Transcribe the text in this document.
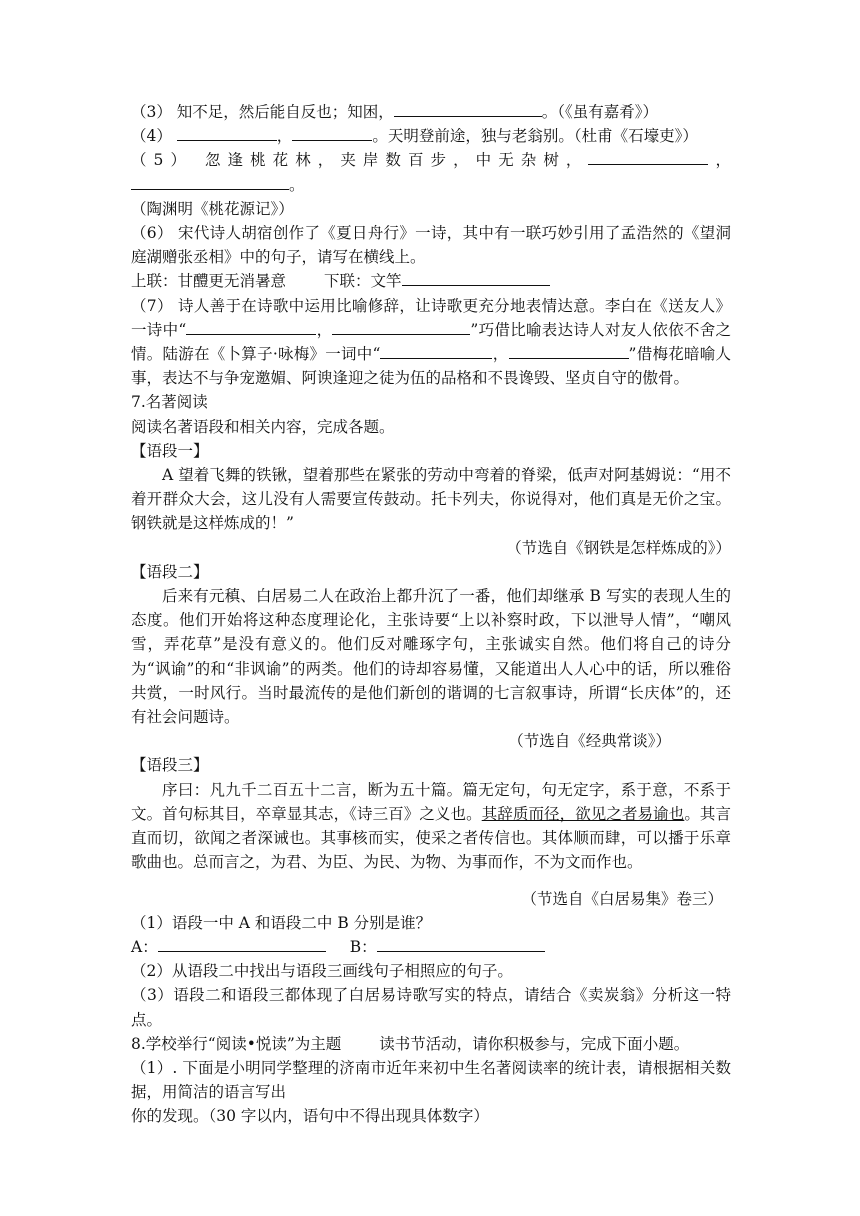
（3） 知不足，然后能自反也；知困，	。（《虽有嘉肴》）

（4）	，	。天明登前途，独与老翁别。（杜甫《石壕吏》）

（5） 忽逢桃花林，夹岸数百步，中无杂树，	，。

（陶渊明《桃花源记》）

（6） 宋代诗人胡宿创作了《夏日舟行》一诗，其中有一联巧妙引用了孟浩然的《望洞庭湖赠张丞相》中的句子，请写在横线上。

上联：甘醴更无消暑意 下联：文竿

（7） 诗人善于在诗歌中运用比喻修辞，让诗歌更充分地表情达意。李白在《送友人》一诗中“	，	”巧借比喻表达诗人对友人依依不舍之情。陆游在《卜算子·咏梅》一词中“	，	”借梅花暗喻人事，表达不与争宠邀媚、阿谀逢迎之徒为伍的品格和不畏谗毁、坚贞自守的傲骨。

7.名著阅读

阅读名著语段和相关内容，完成各题。

【语段一】

A 望着飞舞的铁锹，望着那些在紧张的劳动中弯着的脊梁，低声对阿基姆说：“用不着开群众大会，这儿没有人需要宣传鼓动。托卡列夫，你说得对，他们真是无价之宝。钢铁就是这样炼成的！”

（节选自《钢铁是怎样炼成的》）

【语段二】

后来有元稹、白居易二人在政治上都升沉了一番，他们却继承 B 写实的表现人生的态度。他们开始将这种态度理论化，主张诗要“上以补察时政，下以泄导人情”，“嘲风雪，弄花草”是没有意义的。他们反对雕琢字句，主张诚实自然。他们将自己的诗分为“讽谕”的和“非讽谕”的两类。他们的诗却容易懂，又能道出人人心中的话，所以雅俗共赏，一时风行。当时最流传的是他们新创的谐调的七言叙事诗，所谓“长庆体”的，还有社会问题诗。

（节选自《经典常谈》）

【语段三】

序曰：凡九千二百五十二言，断为五十篇。篇无定句，句无定字，系于意，不系于文。首句标其目，卒章显其志，《诗三百》之义也。其辞质而径，欲见之者易谕也。其言直而切，欲闻之者深诫也。其事核而实，使采之者传信也。其体顺而肆，可以播于乐章歌曲也。总而言之，为君、为臣、为民、为物、为事而作，不为文而作也。

（节选自《白居易集》卷三）

（1）语段一中 A 和语段二中 B 分别是谁？

A：	B：

（2）从语段二中找出与语段三画线句子相照应的句子。

（3）语段二和语段三都体现了白居易诗歌写实的特点，请结合《卖炭翁》分析这一特点。

8.学校举行“阅读•悦读”为主题 读书节活动，请你积极参与，完成下面小题。

（1）. 下面是小明同学整理的济南市近年来初中生名著阅读率的统计表，请根据相关数据，用简洁的语言写出

你的发现。（30 字以内，语句中不得出现具体数字）
